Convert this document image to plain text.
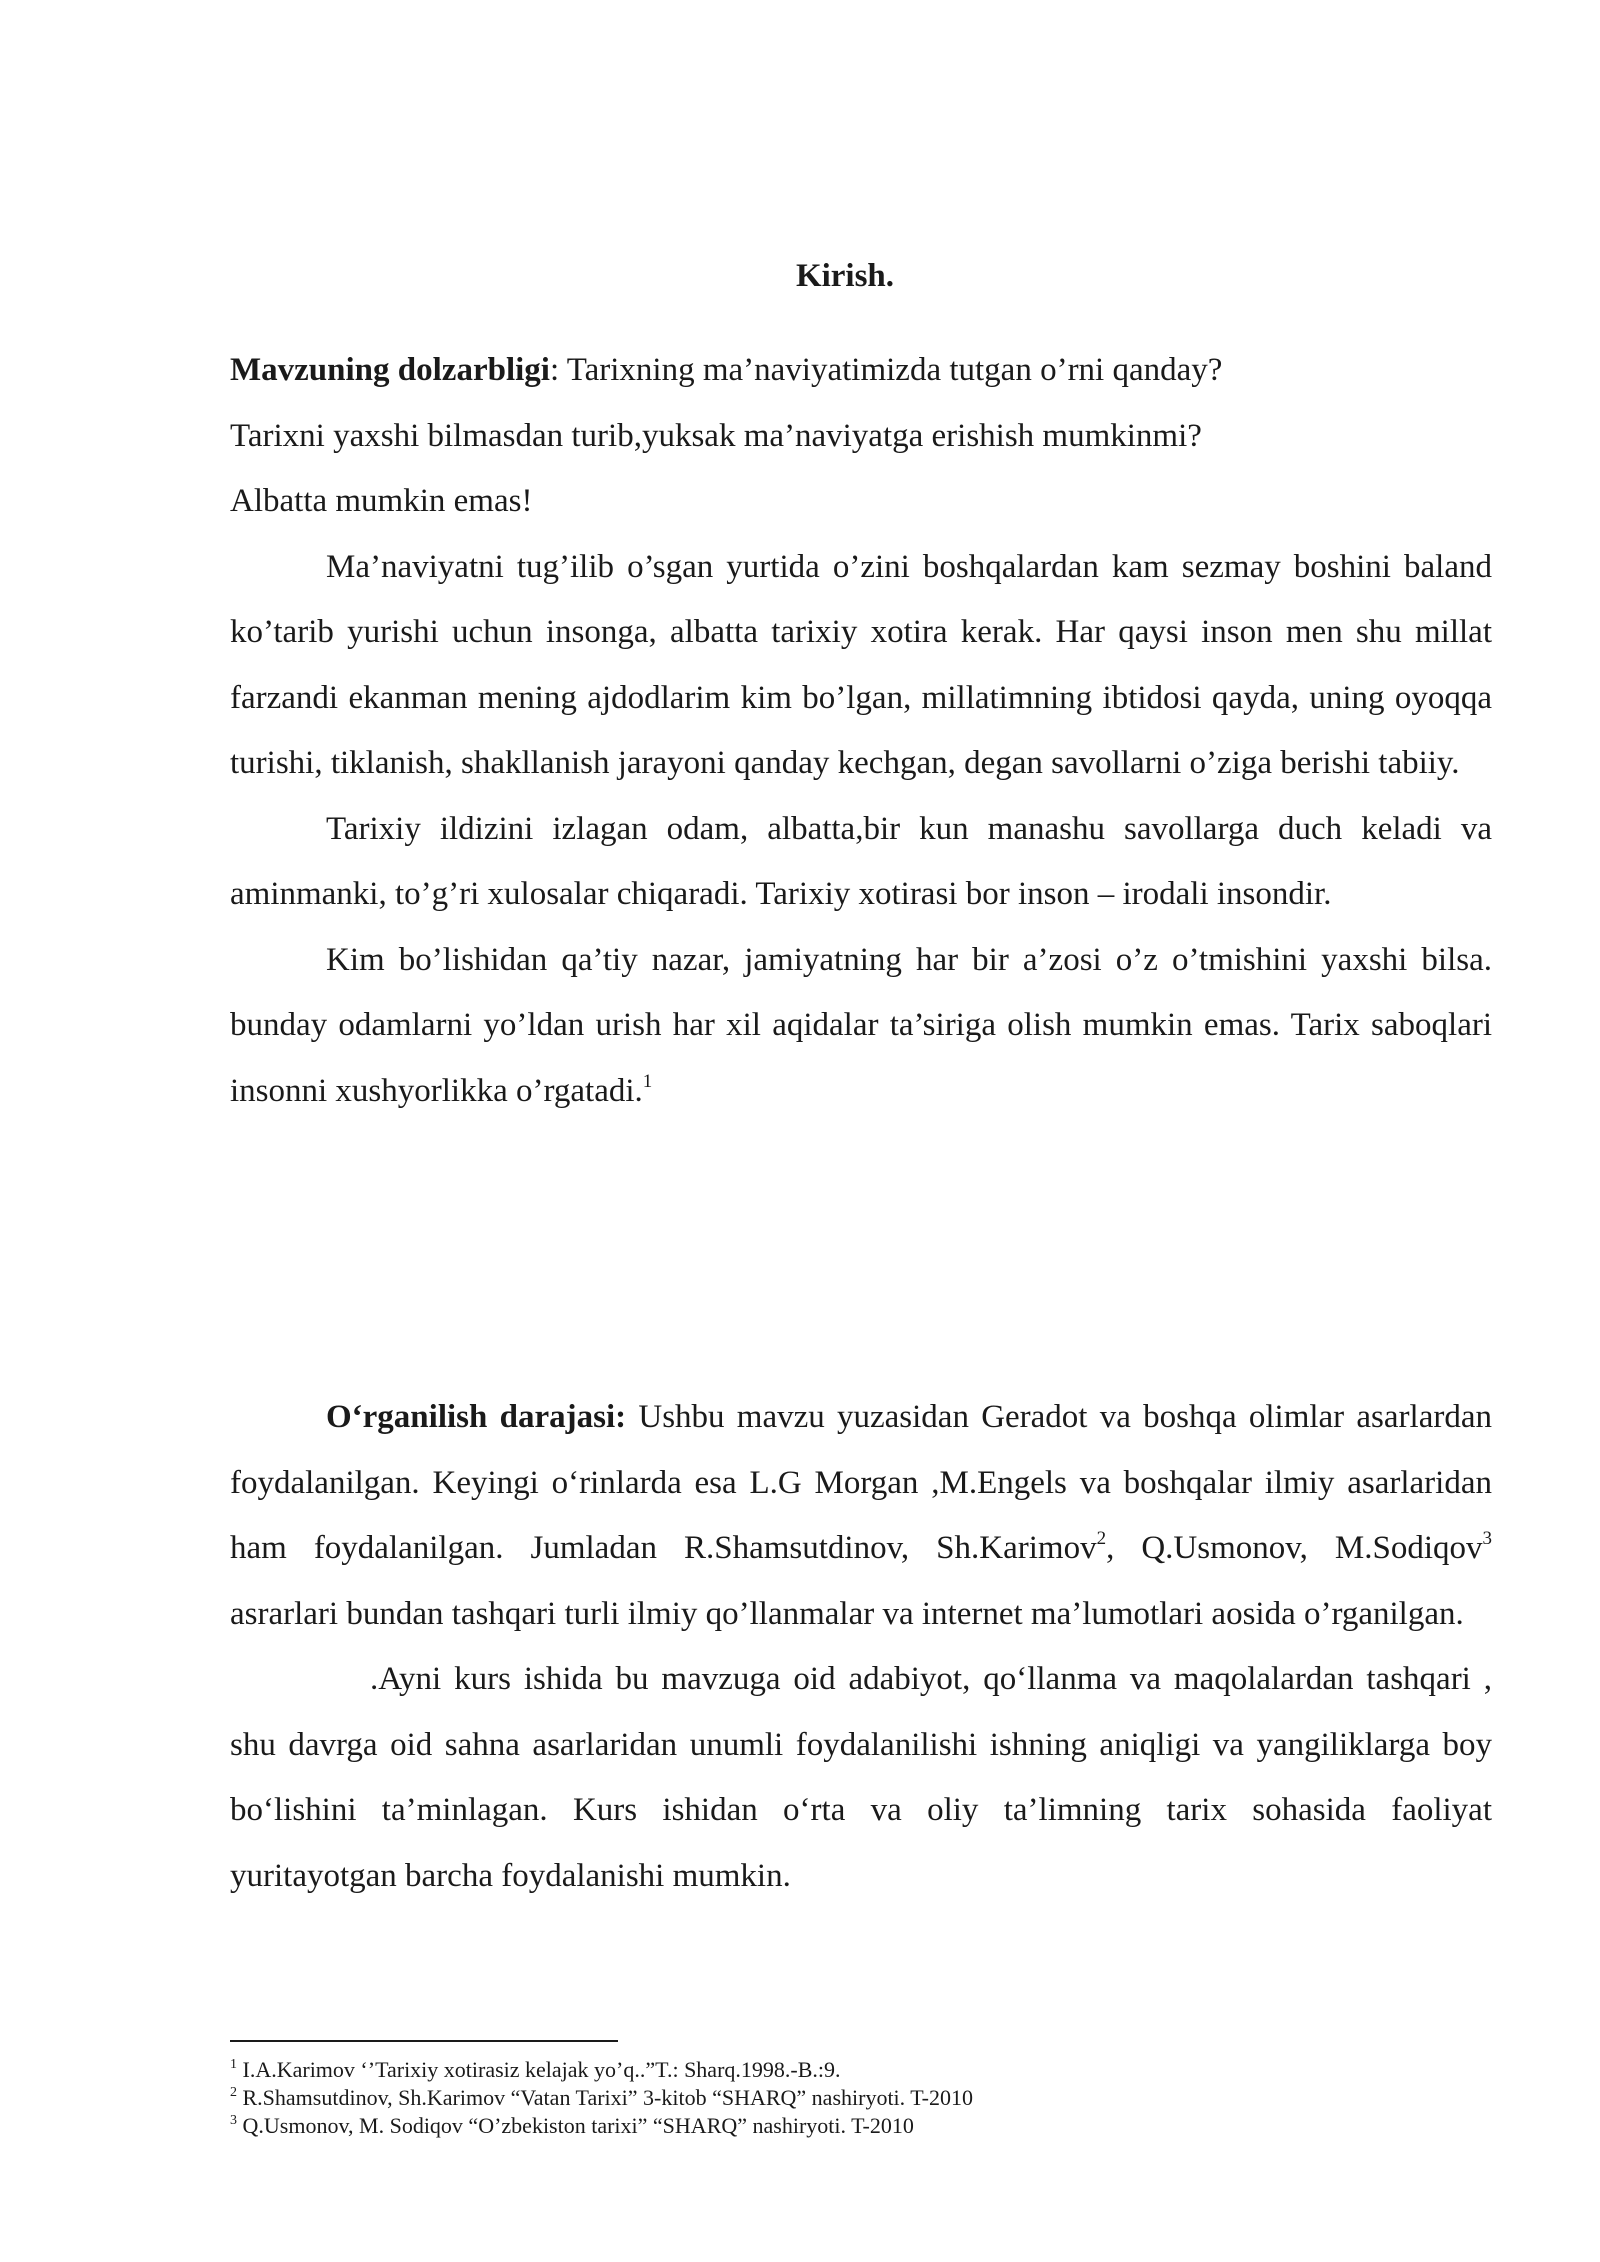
Kirish.

Mavzuning dolzarbligi: Tarixning ma’naviyatimizda tutgan o’rni qanday?

Tarixni yaxshi bilmasdan turib,yuksak ma’naviyatga erishish mumkinmi?

Albatta mumkin emas!

Ma’naviyatni tug’ilib o’sgan yurtida o’zini boshqalardan kam sezmay boshini baland ko’tarib yurishi uchun insonga, albatta tarixiy xotira kerak. Har qaysi inson men shu millat farzandi ekanman mening ajdodlarim kim bo’lgan, millatimning ibtidosi qayda, uning oyoqqa turishi, tiklanish, shakllanish jarayoni qanday kechgan, degan savollarni o’ziga berishi tabiiy.

Tarixiy ildizini izlagan odam, albatta,bir kun manashu savollarga duch keladi va aminmanki, to’g’ri xulosalar chiqaradi. Tarixiy xotirasi bor inson – irodali insondir.

Kim bo’lishidan qa’tiy nazar, jamiyatning har bir a’zosi o’z o’tmishini yaxshi bilsa. bunday odamlarni yo’ldan urish har xil aqidalar ta’siriga olish mumkin emas. Tarix saboqlari insonni xushyorlikka o’rgatadi.$^1$

O‘rganilish darajasi: Ushbu mavzu yuzasidan Geradot va boshqa olimlar asarlardan foydalanilgan. Keyingi o‘rinlarda esa L.G Morgan ,M.Engels va boshqalar ilmiy asarlaridan ham foydalanilgan. Jumladan R.Shamsutdinov, Sh.Karimov$^2$, Q.Usmonov, M.Sodiqov$^3$ asrarlari bundan tashqari turli ilmiy qo’llanmalar va internet ma’lumotlari aosida o’rganilgan.

.Ayni kurs ishida bu mavzuga oid adabiyot, qo‘llanma va maqolalardan tashqari , shu davrga oid sahna asarlaridan unumli foydalanilishi ishning aniqligi va yangiliklarga boy bo‘lishini ta’minlagan. Kurs ishidan o‘rta va oliy ta’limning tarix sohasida faoliyat yuritayotgan barcha foydalanishi mumkin.

$^1$ I.A.Karimov ‘’Tarixiy xotirasiz kelajak yo’q..”T.: Sharq.1998.-B.:9.

$^2$ R.Shamsutdinov, Sh.Karimov “Vatan Tarixi” 3-kitob “SHARQ” nashiryoti. T-2010

$^3$ Q.Usmonov, M. Sodiqov “O’zbekiston tarixi” “SHARQ” nashiryoti. T-2010
